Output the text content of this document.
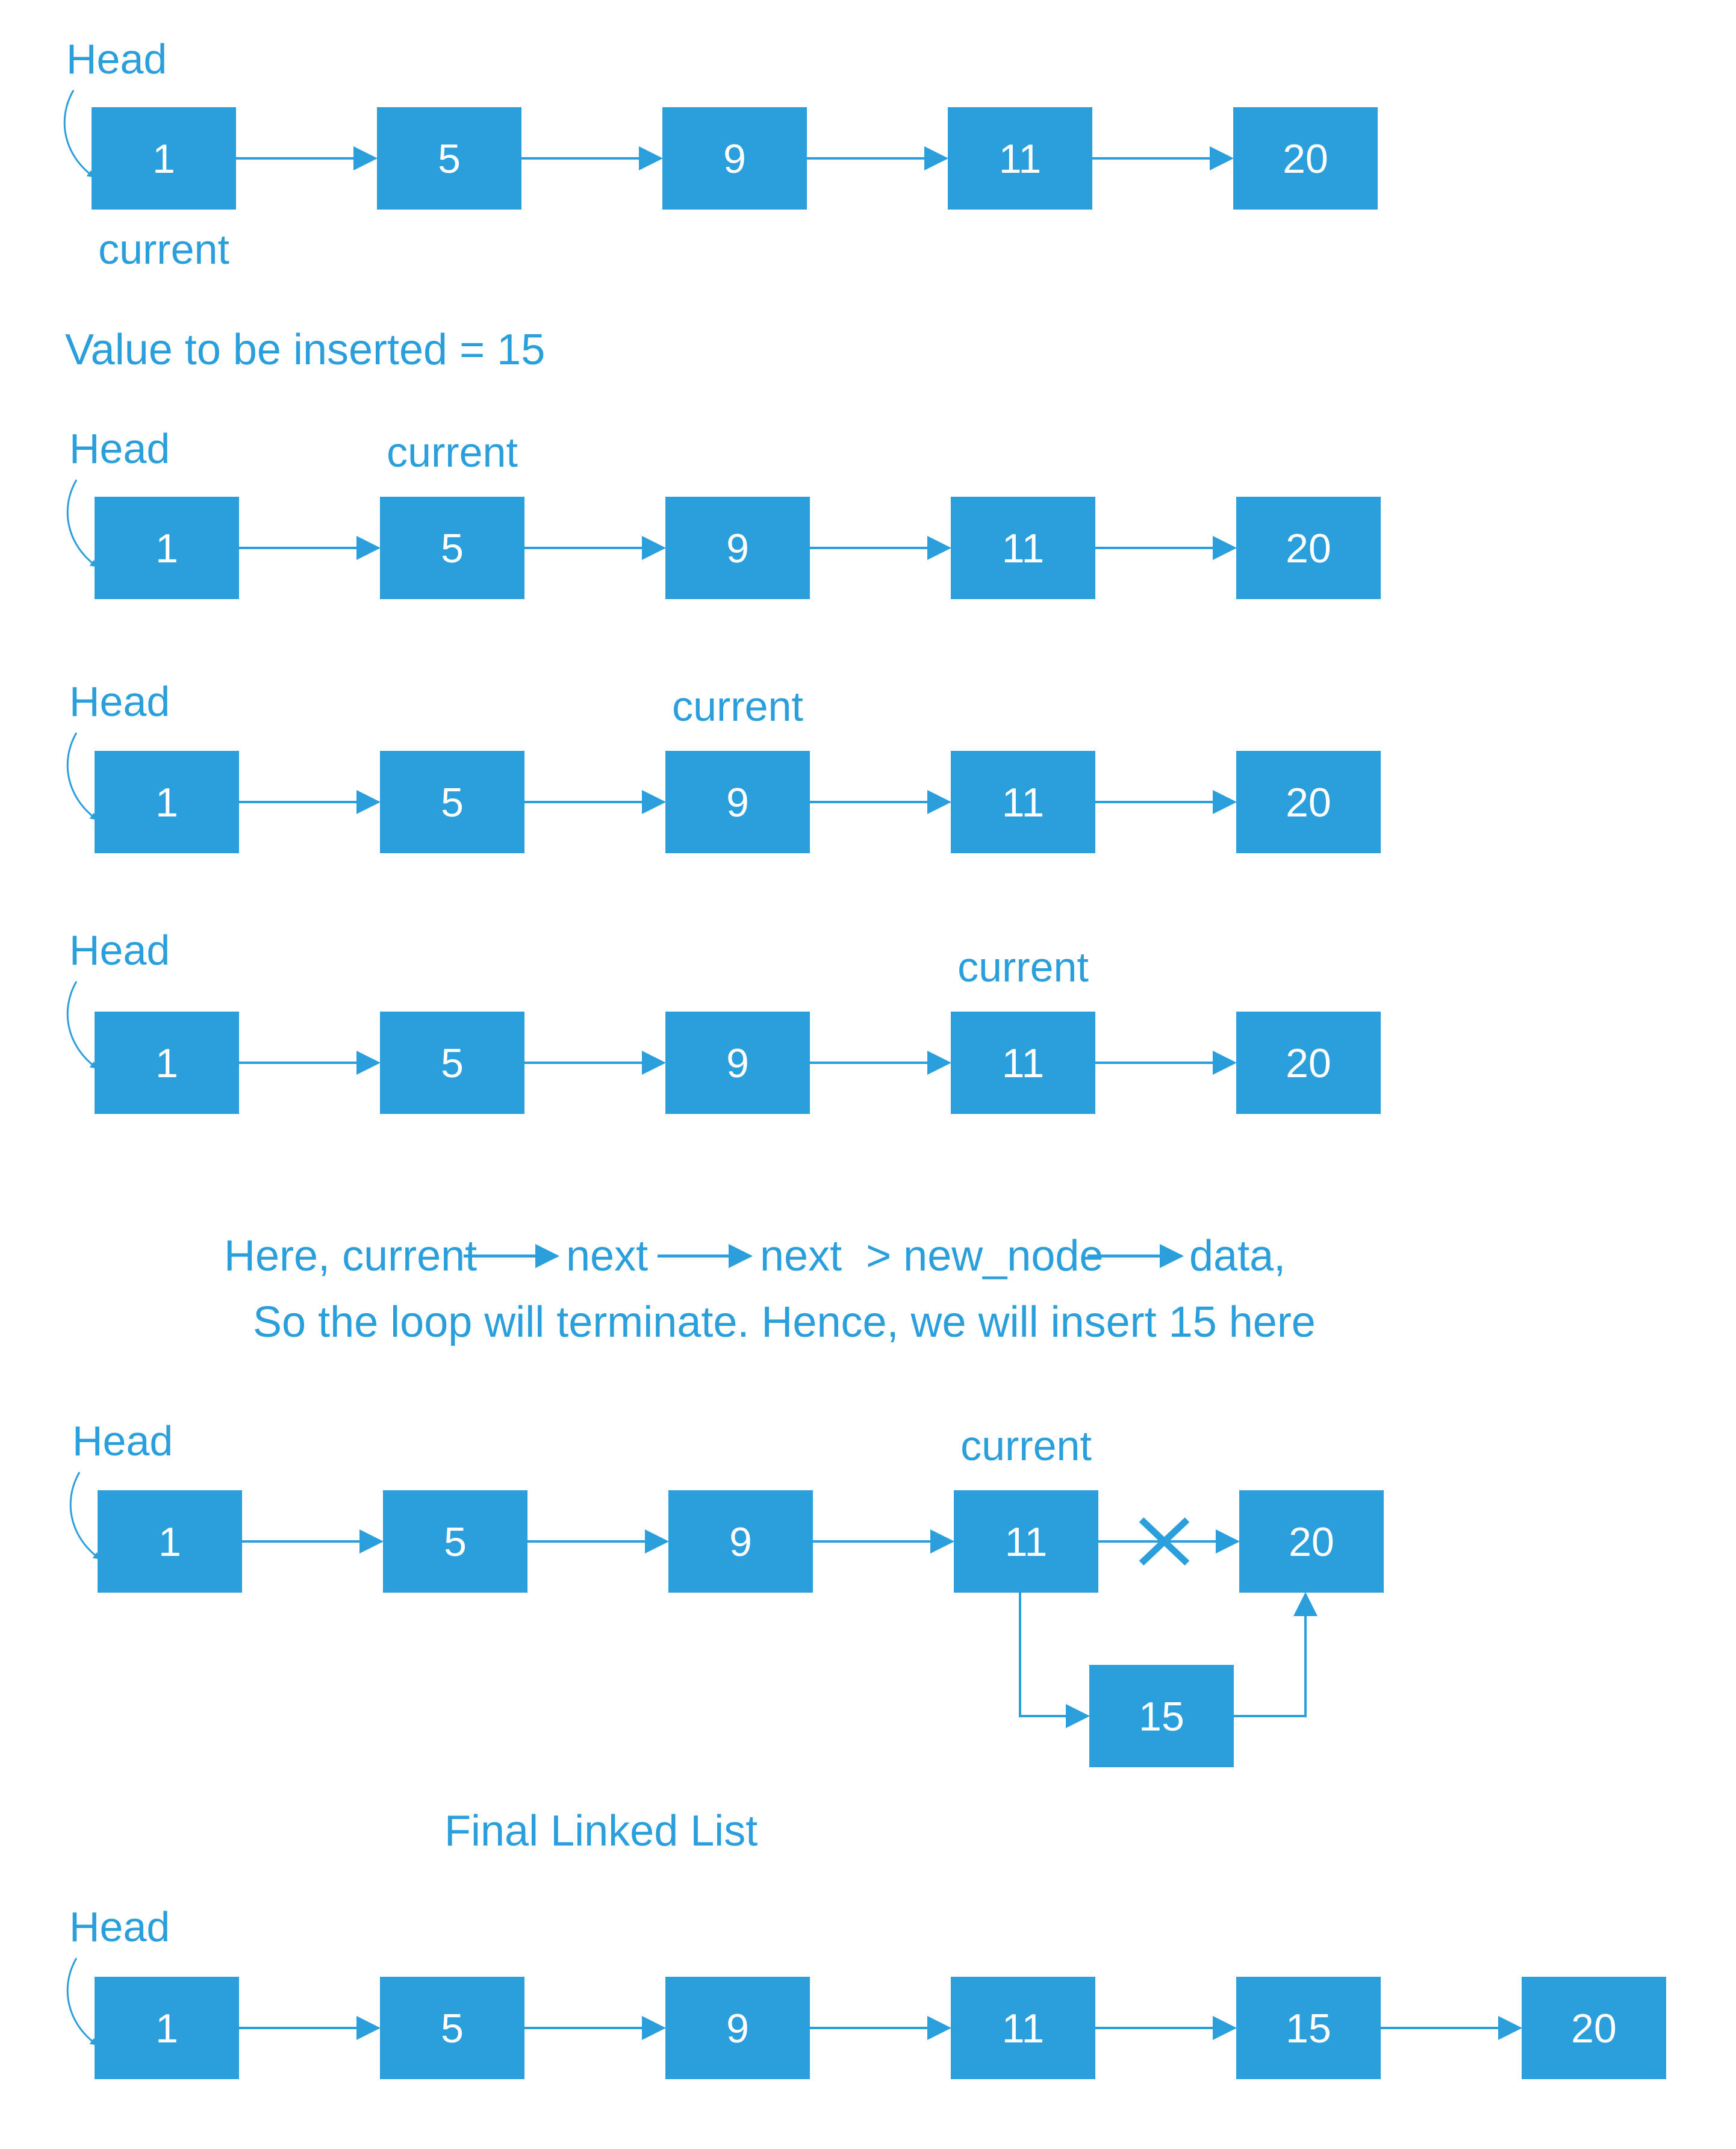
Value to be inserted = 15
Here, current next	next  > new_node data,
So the loop will terminate. Hence, we will insert 15 here
Final Linked List
Head
1	5	9	11	20
current
Head
1	5	9	11	20
current
Head
1	5	9	11	20
current
Head
1	5	9	11	20
current
Head
1	5	9	11	20
current
15
Head
1	5	9	11	15	20
